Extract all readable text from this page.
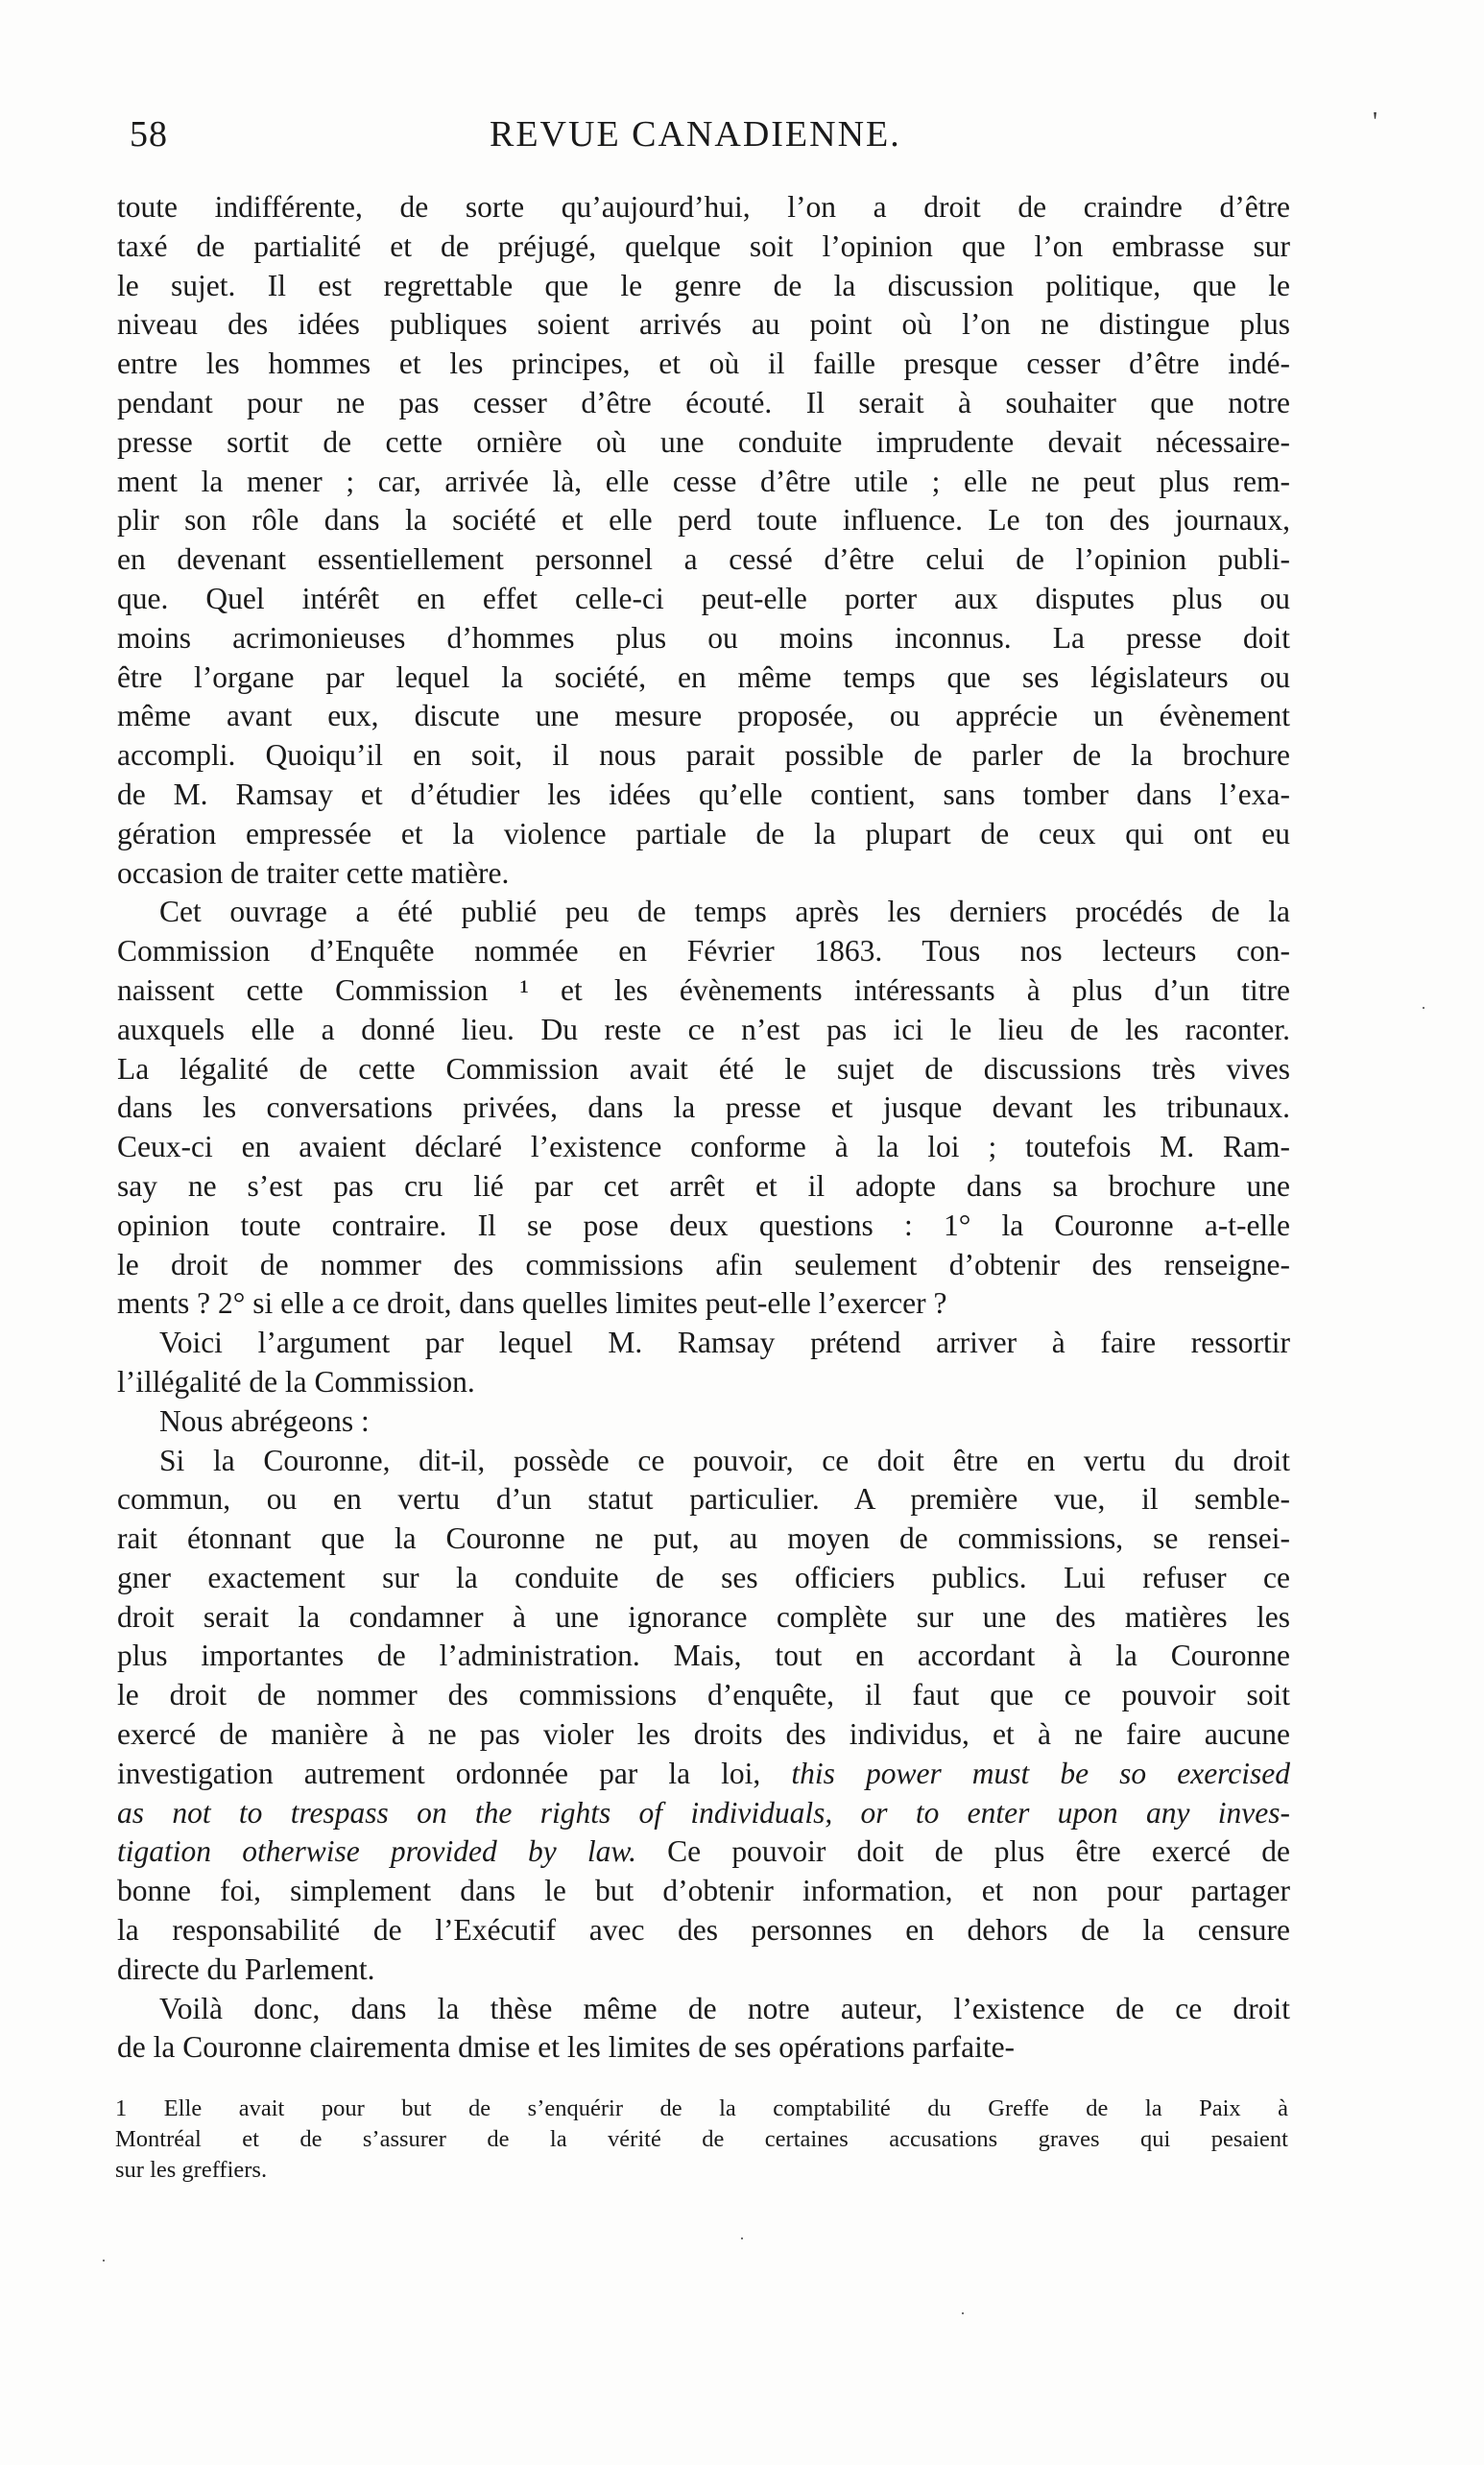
58	REVUE CANADIENNE.	'
toute indifférente, de sorte qu’aujourd’hui, l’on a droit de craindre d’être
taxé de partialité et de préjugé, quelque soit l’opinion que l’on embrasse sur
le sujet. Il est regrettable que le genre de la discussion politique, que le
niveau des idées publiques soient arrivés au point où l’on ne distingue plus
entre les hommes et les principes, et où il faille presque cesser d’être indé-
pendant pour ne pas cesser d’être écouté. Il serait à souhaiter que notre
presse sortit de cette ornière où une conduite imprudente devait nécessaire-
ment la mener ; car, arrivée là, elle cesse d’être utile ; elle ne peut plus rem-
plir son rôle dans la société et elle perd toute influence. Le ton des journaux,
en devenant essentiellement personnel a cessé d’être celui de l’opinion publi-
que. Quel intérêt en effet celle-ci peut-elle porter aux disputes plus ou
moins acrimonieuses d’hommes plus ou moins inconnus. La presse doit
être l’organe par lequel la société, en même temps que ses législateurs ou
même avant eux, discute une mesure proposée, ou apprécie un évènement
accompli. Quoiqu’il en soit, il nous parait possible de parler de la brochure
de M. Ramsay et d’étudier les idées qu’elle contient, sans tomber dans l’exa-
gération empressée et la violence partiale de la plupart de ceux qui ont eu
occasion de traiter cette matière.
Cet ouvrage a été publié peu de temps après les derniers procédés de la
Commission d’Enquête nommée en Février 1863. Tous nos lecteurs con-
naissent cette Commission ¹ et les évènements intéressants à plus d’un titre
auxquels elle a donné lieu. Du reste ce n’est pas ici le lieu de les raconter.
La légalité de cette Commission avait été le sujet de discussions très vives
dans les conversations privées, dans la presse et jusque devant les tribunaux.
Ceux-ci en avaient déclaré l’existence conforme à la loi ; toutefois M. Ram-
say ne s’est pas cru lié par cet arrêt et il adopte dans sa brochure une
opinion toute contraire. Il se pose deux questions : 1° la Couronne a-t-elle
le droit de nommer des commissions afin seulement d’obtenir des renseigne-
ments ? 2° si elle a ce droit, dans quelles limites peut-elle l’exercer ?
Voici l’argument par lequel M. Ramsay prétend arriver à faire ressortir
l’illégalité de la Commission.
Nous abrégeons :
Si la Couronne, dit-il, possède ce pouvoir, ce doit être en vertu du droit
commun, ou en vertu d’un statut particulier. A première vue, il semble-
rait étonnant que la Couronne ne put, au moyen de commissions, se rensei-
gner exactement sur la conduite de ses officiers publics. Lui refuser ce
droit serait la condamner à une ignorance complète sur une des matières les
plus importantes de l’administration. Mais, tout en accordant à la Couronne
le droit de nommer des commissions d’enquête, il faut que ce pouvoir soit
exercé de manière à ne pas violer les droits des individus, et à ne faire aucune
investigation autrement ordonnée par la loi, this power must be so exercised
as not to trespass on the rights of individuals, or to enter upon any inves-
tigation otherwise provided by law. Ce pouvoir doit de plus être exercé de
bonne foi, simplement dans le but d’obtenir information, et non pour partager
la responsabilité de l’Exécutif avec des personnes en dehors de la censure
directe du Parlement.
Voilà donc, dans la thèse même de notre auteur, l’existence de ce droit
de la Couronne clairementa dmise et les limites de ses opérations parfaite-
1 Elle avait pour but de s’enquérir de la comptabilité du Greffe de la Paix à
Montréal et de s’assurer de la vérité de certaines accusations graves qui pesaient
sur les greffiers.
·
·
·
·
